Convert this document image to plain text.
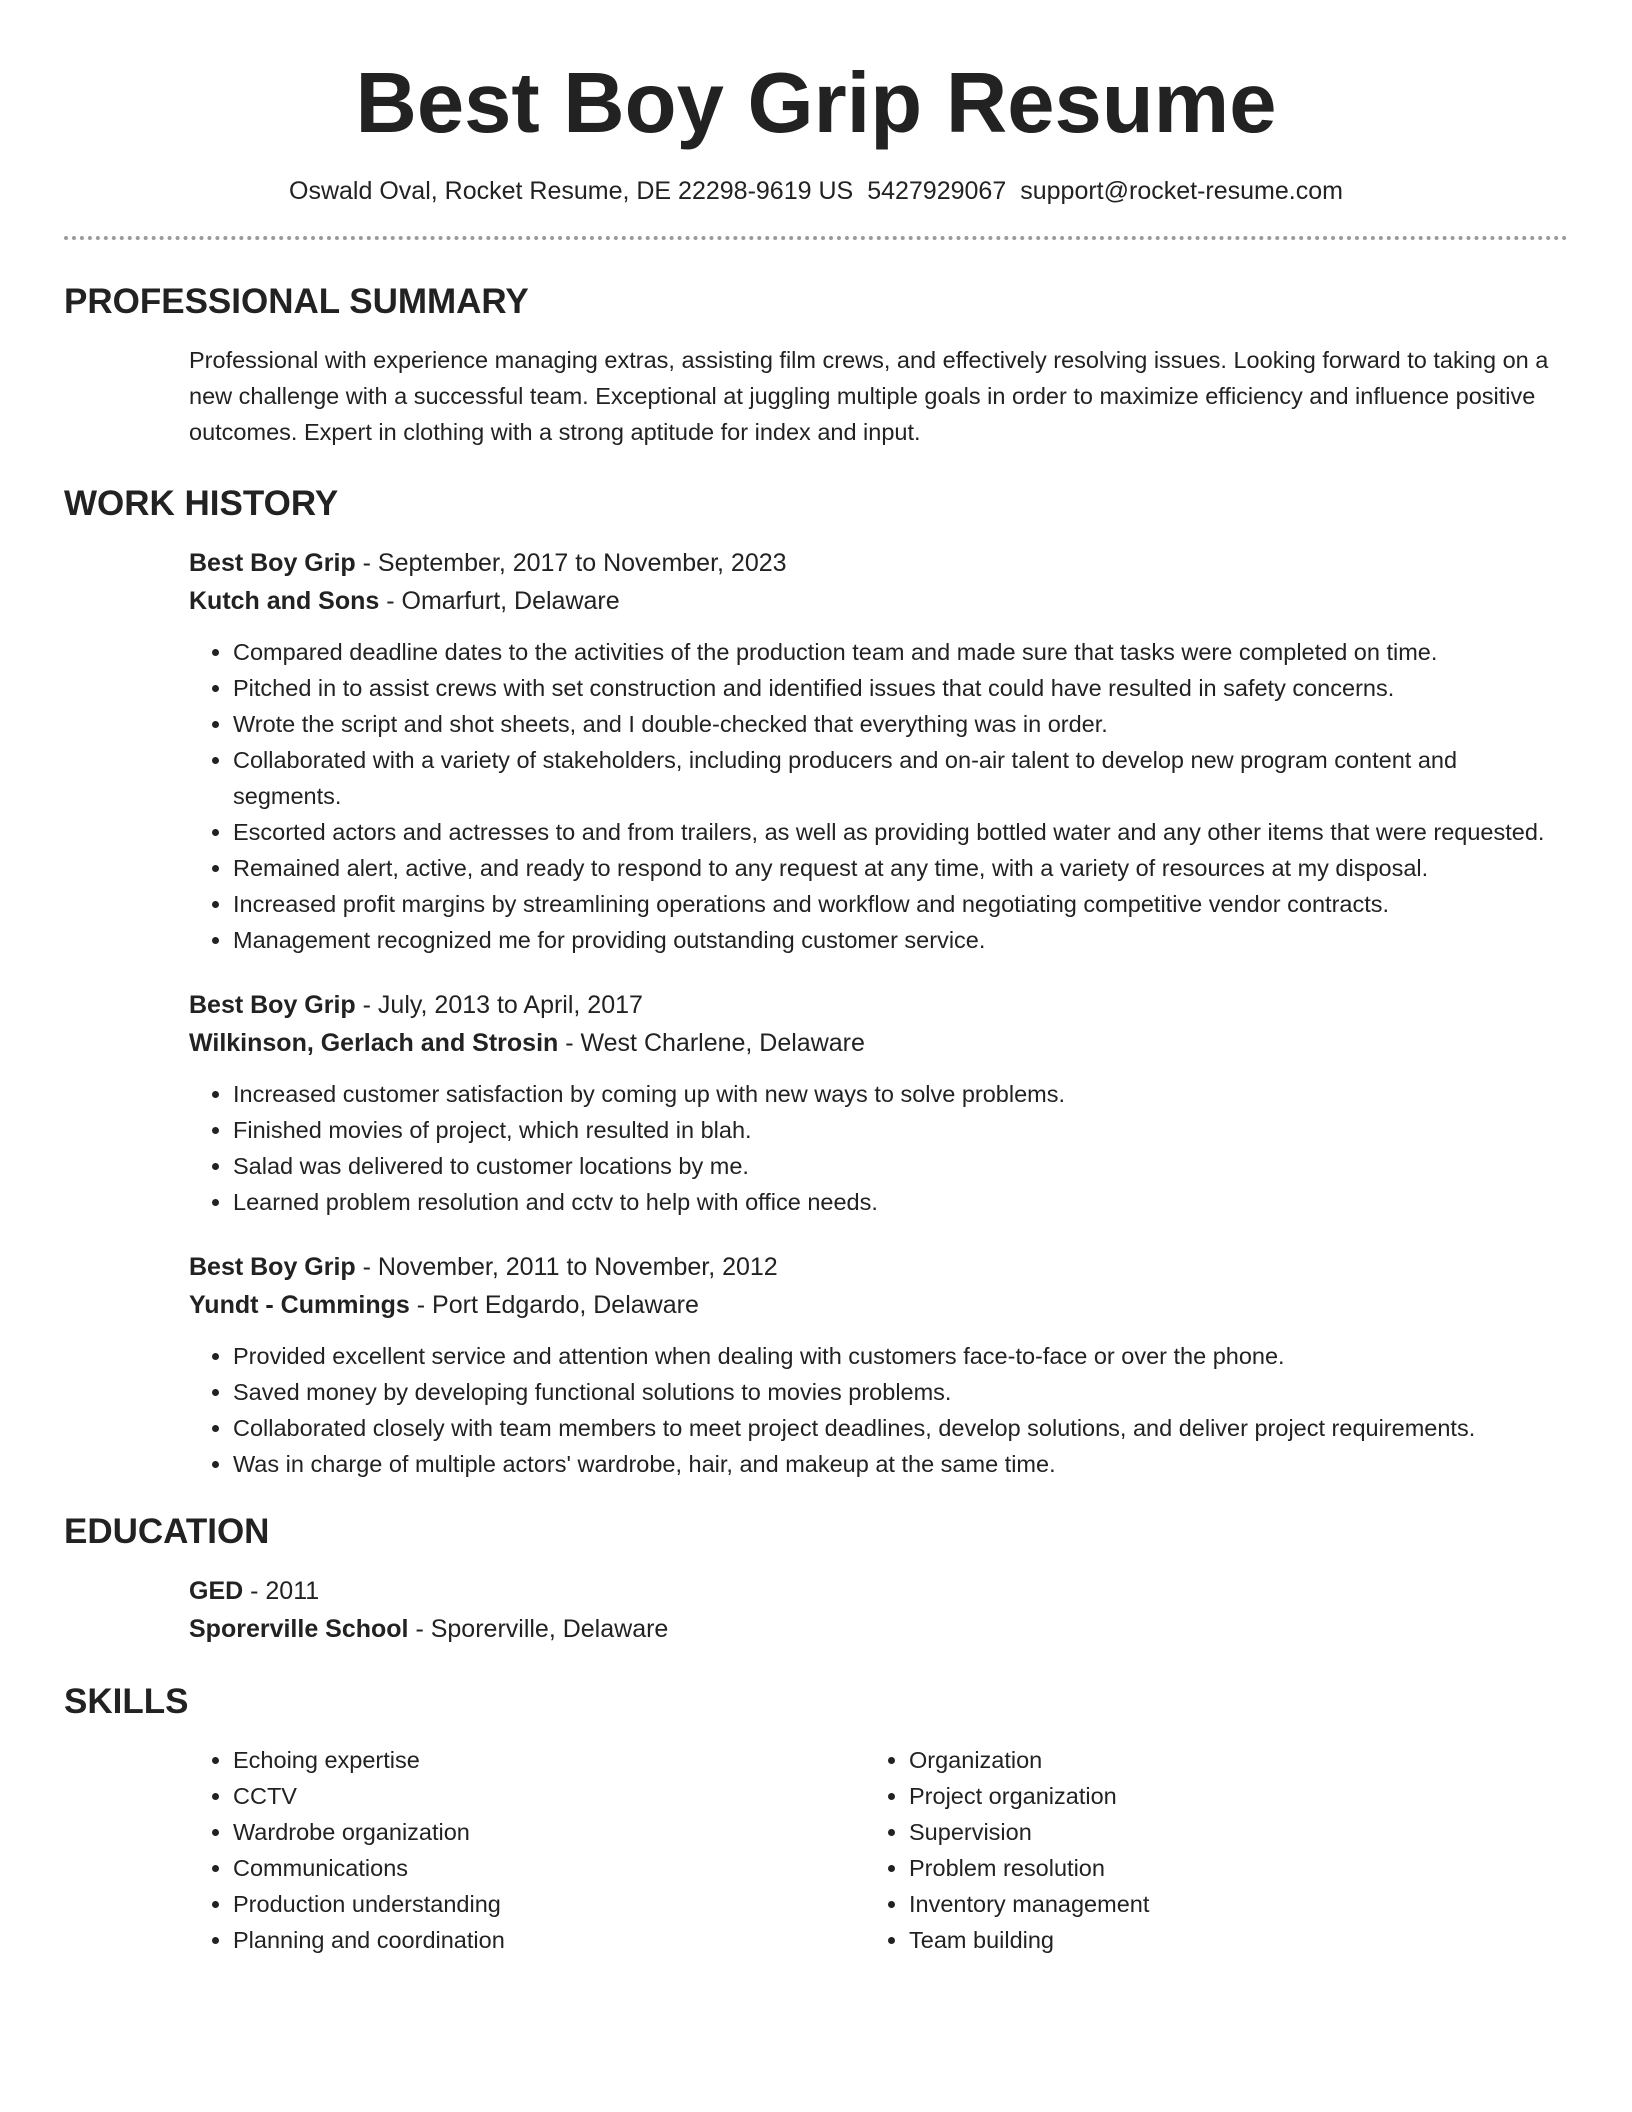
Best Boy Grip Resume
Oswald Oval, Rocket Resume, DE 22298-9619 US 5427929067 support@rocket-resume.com
PROFESSIONAL SUMMARY

Professional with experience managing extras, assisting film crews, and effectively resolving issues. Looking forward to taking on a new challenge with a successful team. Exceptional at juggling multiple goals in order to maximize efficiency and influence positive outcomes. Expert in clothing with a strong aptitude for index and input.

WORK HISTORY

Best Boy Grip - September, 2017 to November, 2023

Kutch and Sons - Omarfurt, Delaware

• Compared deadline dates to the activities of the production team and made sure that tasks were completed on time.
• Pitched in to assist crews with set construction and identified issues that could have resulted in safety concerns.
• Wrote the script and shot sheets, and I double-checked that everything was in order.
• Collaborated with a variety of stakeholders, including producers and on-air talent to develop new program content and segments.
• Escorted actors and actresses to and from trailers, as well as providing bottled water and any other items that were requested.
• Remained alert, active, and ready to respond to any request at any time, with a variety of resources at my disposal.
• Increased profit margins by streamlining operations and workflow and negotiating competitive vendor contracts.
• Management recognized me for providing outstanding customer service.

Best Boy Grip - July, 2013 to April, 2017

Wilkinson, Gerlach and Strosin - West Charlene, Delaware

• Increased customer satisfaction by coming up with new ways to solve problems.
• Finished movies of project, which resulted in blah.
• Salad was delivered to customer locations by me.
• Learned problem resolution and cctv to help with office needs.

Best Boy Grip - November, 2011 to November, 2012

Yundt - Cummings - Port Edgardo, Delaware

• Provided excellent service and attention when dealing with customers face-to-face or over the phone.
• Saved money by developing functional solutions to movies problems.
• Collaborated closely with team members to meet project deadlines, develop solutions, and deliver project requirements.
• Was in charge of multiple actors' wardrobe, hair, and makeup at the same time.
EDUCATION

GED - 2011

Sporerville School - Sporerville, Delaware

SKILLS
• Echoing expertise
• CCTV
• Wardrobe organization
• Communications
• Production understanding
• Planning and coordination
• Organization
• Project organization
• Supervision
• Problem resolution
• Inventory management
• Team building
